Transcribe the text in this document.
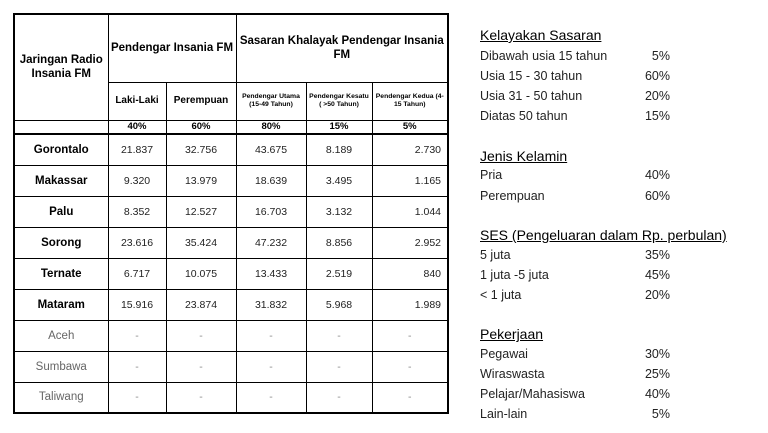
Jaringan Radio Insania FM	Pendengar Insania FM		Sasaran Khalayak Pendengar Insania FM		
	Laki-Laki	Perempuan	Pendengar Utama (15-49 Tahun)	Pendengar Kesatu ( >50 Tahun)	Pendengar Kedua (4-15 Tahun)
	40%	60%	80%	15%	5%
Gorontalo	21.837	32.756	43.675	8.189	2.730
Makassar	9.320	13.979	18.639	3.495	1.165
Palu	8.352	12.527	16.703	3.132	1.044
Sorong	23.616	35.424	47.232	8.856	2.952
Ternate	6.717	10.075	13.433	2.519	840
Mataram	15.916	23.874	31.832	5.968	1.989
Aceh	-	-	-	-	-
Sumbawa	-	-	-	-	-
Taliwang	-	-	-	-	-
Kelayakan Sasaran
Dibawah usia 15 tahun	5%
Usia 15 - 30 tahun	60%
Usia 31 - 50 tahun	20%
Diatas 50 tahun	15%
Jenis Kelamin
Pria	40%
Perempuan	60%
SES (Pengeluaran dalam Rp. perbulan)
5 juta	35%
1 juta -5 juta	45%
< 1 juta	20%
Pekerjaan
Pegawai	30%
Wiraswasta	25%
Pelajar/Mahasiswa	40%
Lain-lain	5%
